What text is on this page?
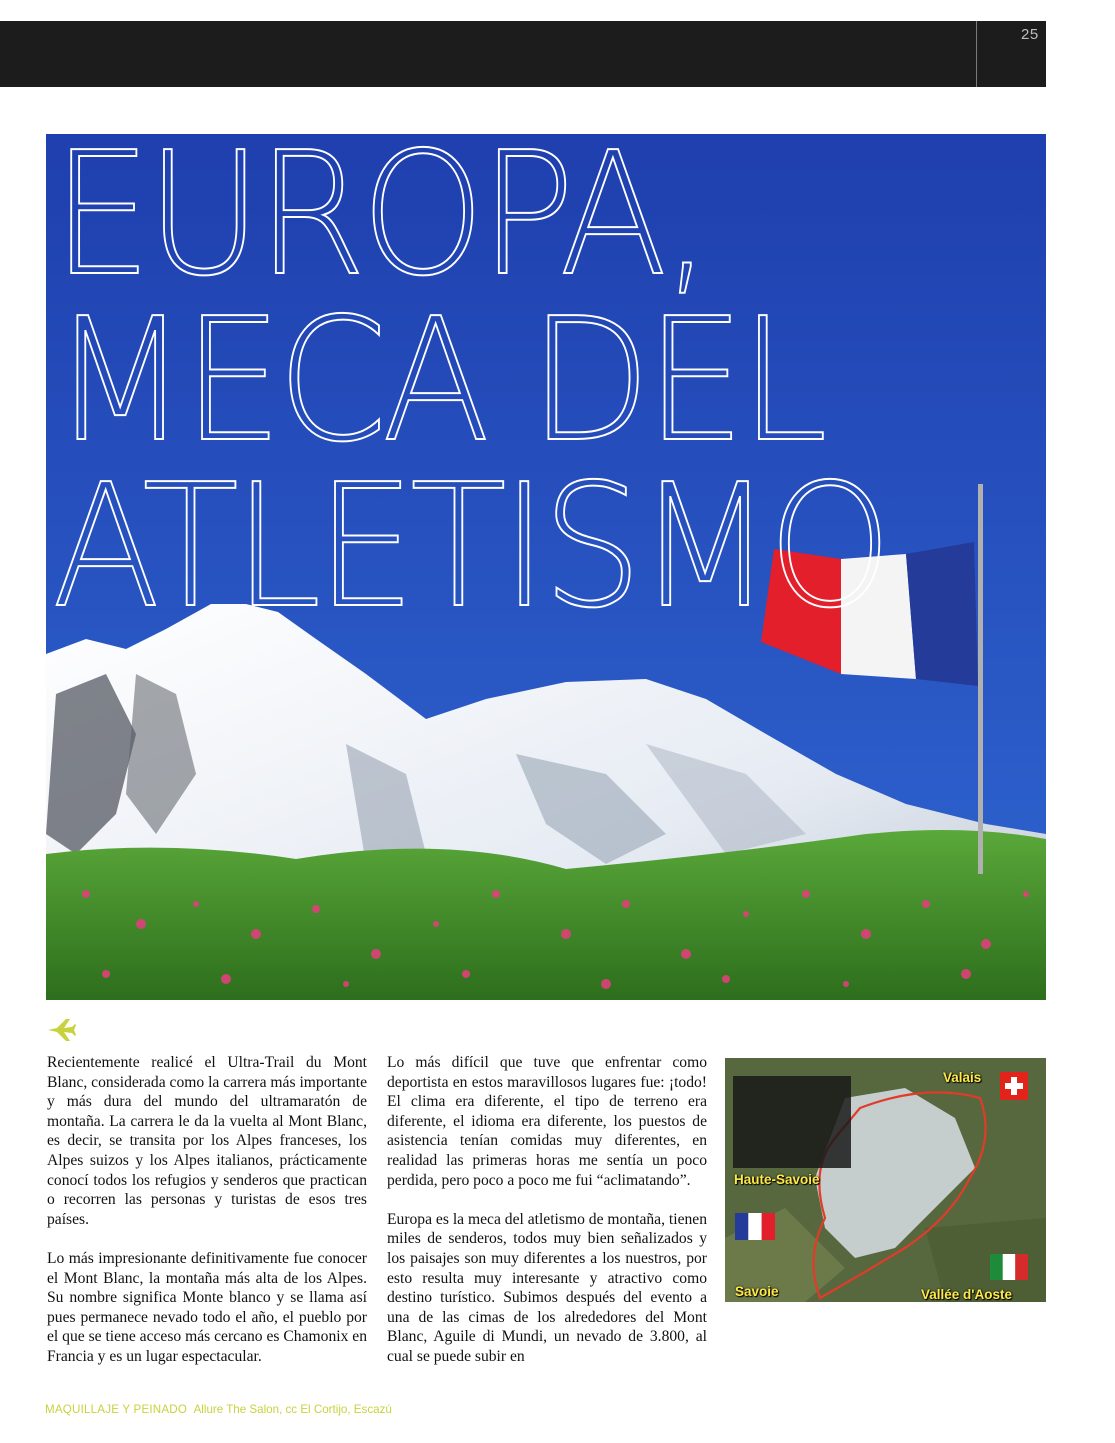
25
EUROPA,
MECA DEL
ATLETISMO

Recientemente realicé el Ultra-Trail du Mont Blanc, considerada como la carrera más importante y más dura del mundo del ultramaratón de montaña. La carrera le da la vuelta al Mont Blanc, es decir, se transita por los Alpes franceses, los Alpes suizos y los Alpes italianos, prácticamente conocí todos los refugios y senderos que practican o recorren las personas y turistas de esos tres países.

Lo más impresionante definitivamente fue conocer el Mont Blanc, la montaña más alta de los Alpes. Su nombre significa Monte blanco y se llama así pues permanece nevado todo el año, el pueblo por el que se tiene acceso más cercano es Chamonix en Francia y es un lugar espectacular.

Lo más difícil que tuve que enfrentar como deportista en estos maravillosos lugares fue: ¡todo! El clima era diferente, el tipo de terreno era diferente, el idioma era diferente, los puestos de asistencia tenían comidas muy diferentes, en realidad las primeras horas me sentía un poco perdida, pero poco a poco me fui “aclimatando”.

Europa es la meca del atletismo de montaña, tienen miles de senderos, todos muy bien señalizados y los paisajes son muy diferentes a los nuestros, por esto resulta muy interesante y atractivo como destino turístico. Subimos después del evento a una de las cimas de los alrededores del Mont Blanc, Aguile di Mundi, un nevado de 3.800, al cual se puede subir en

Valais
Haute-Savoie
Vallée d'Aoste
Savoie
MAQUILLAJE Y PEINADO Allure The Salon, cc El Cortijo, Escazú
